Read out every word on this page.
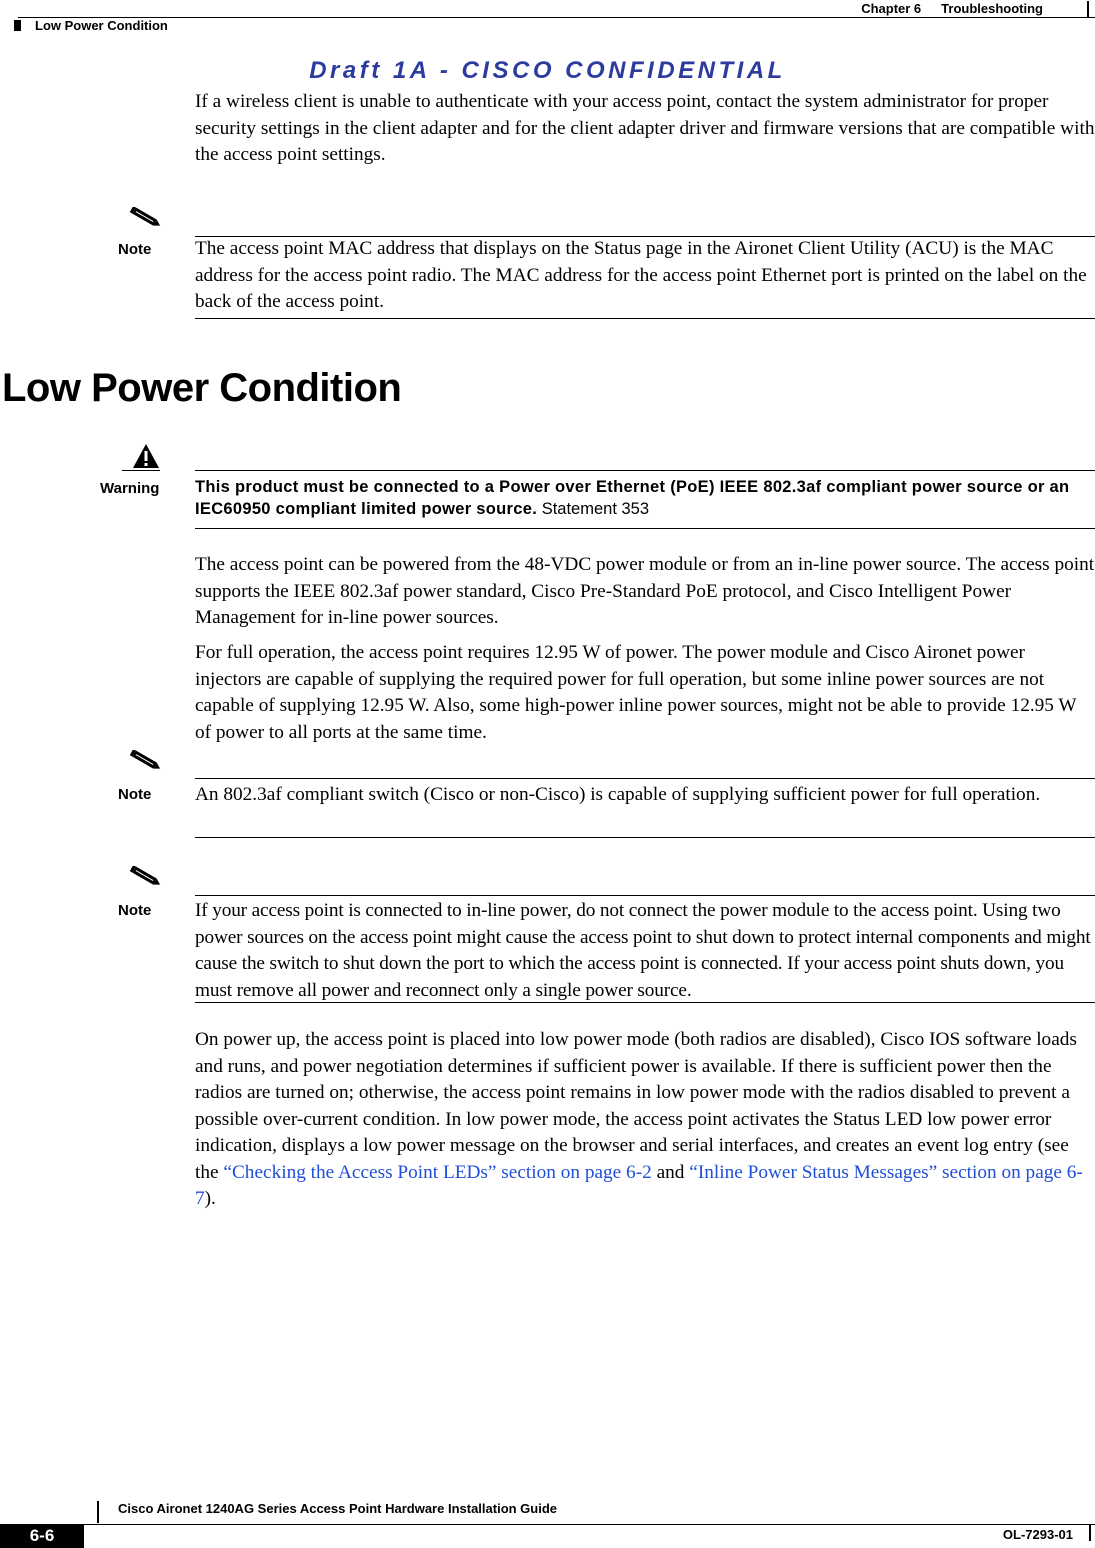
Chapter 6 Troubleshooting
Low Power Condition
Draft 1A - CISCO CONFIDENTIAL
If a wireless client is unable to authenticate with your access point, contact the system administrator for proper security settings in the client adapter and for the client adapter driver and firmware versions that are compatible with the access point settings.
Note The access point MAC address that displays on the Status page in the Aironet Client Utility (ACU) is the MAC address for the access point radio. The MAC address for the access point Ethernet port is printed on the label on the back of the access point.
Low Power Condition
Warning This product must be connected to a Power over Ethernet (PoE) IEEE 802.3af compliant power source or an IEC60950 compliant limited power source. Statement 353
The access point can be powered from the 48-VDC power module or from an in-line power source. The access point supports the IEEE 802.3af power standard, Cisco Pre-Standard PoE protocol, and Cisco Intelligent Power Management for in-line power sources.
For full operation, the access point requires 12.95 W of power. The power module and Cisco Aironet power injectors are capable of supplying the required power for full operation, but some inline power sources are not capable of supplying 12.95 W. Also, some high-power inline power sources, might not be able to provide 12.95 W of power to all ports at the same time.
Note An 802.3af compliant switch (Cisco or non-Cisco) is capable of supplying sufficient power for full operation.
Note If your access point is connected to in-line power, do not connect the power module to the access point. Using two power sources on the access point might cause the access point to shut down to protect internal components and might cause the switch to shut down the port to which the access point is connected. If your access point shuts down, you must remove all power and reconnect only a single power source.
On power up, the access point is placed into low power mode (both radios are disabled), Cisco IOS software loads and runs, and power negotiation determines if sufficient power is available. If there is sufficient power then the radios are turned on; otherwise, the access point remains in low power mode with the radios disabled to prevent a possible over-current condition. In low power mode, the access point activates the Status LED low power error indication, displays a low power message on the browser and serial interfaces, and creates an event log entry (see the “Checking the Access Point LEDs” section on page 6-2 and “Inline Power Status Messages” section on page 6-7).
Cisco Aironet 1240AG Series Access Point Hardware Installation Guide
6-6	OL-7293-01
